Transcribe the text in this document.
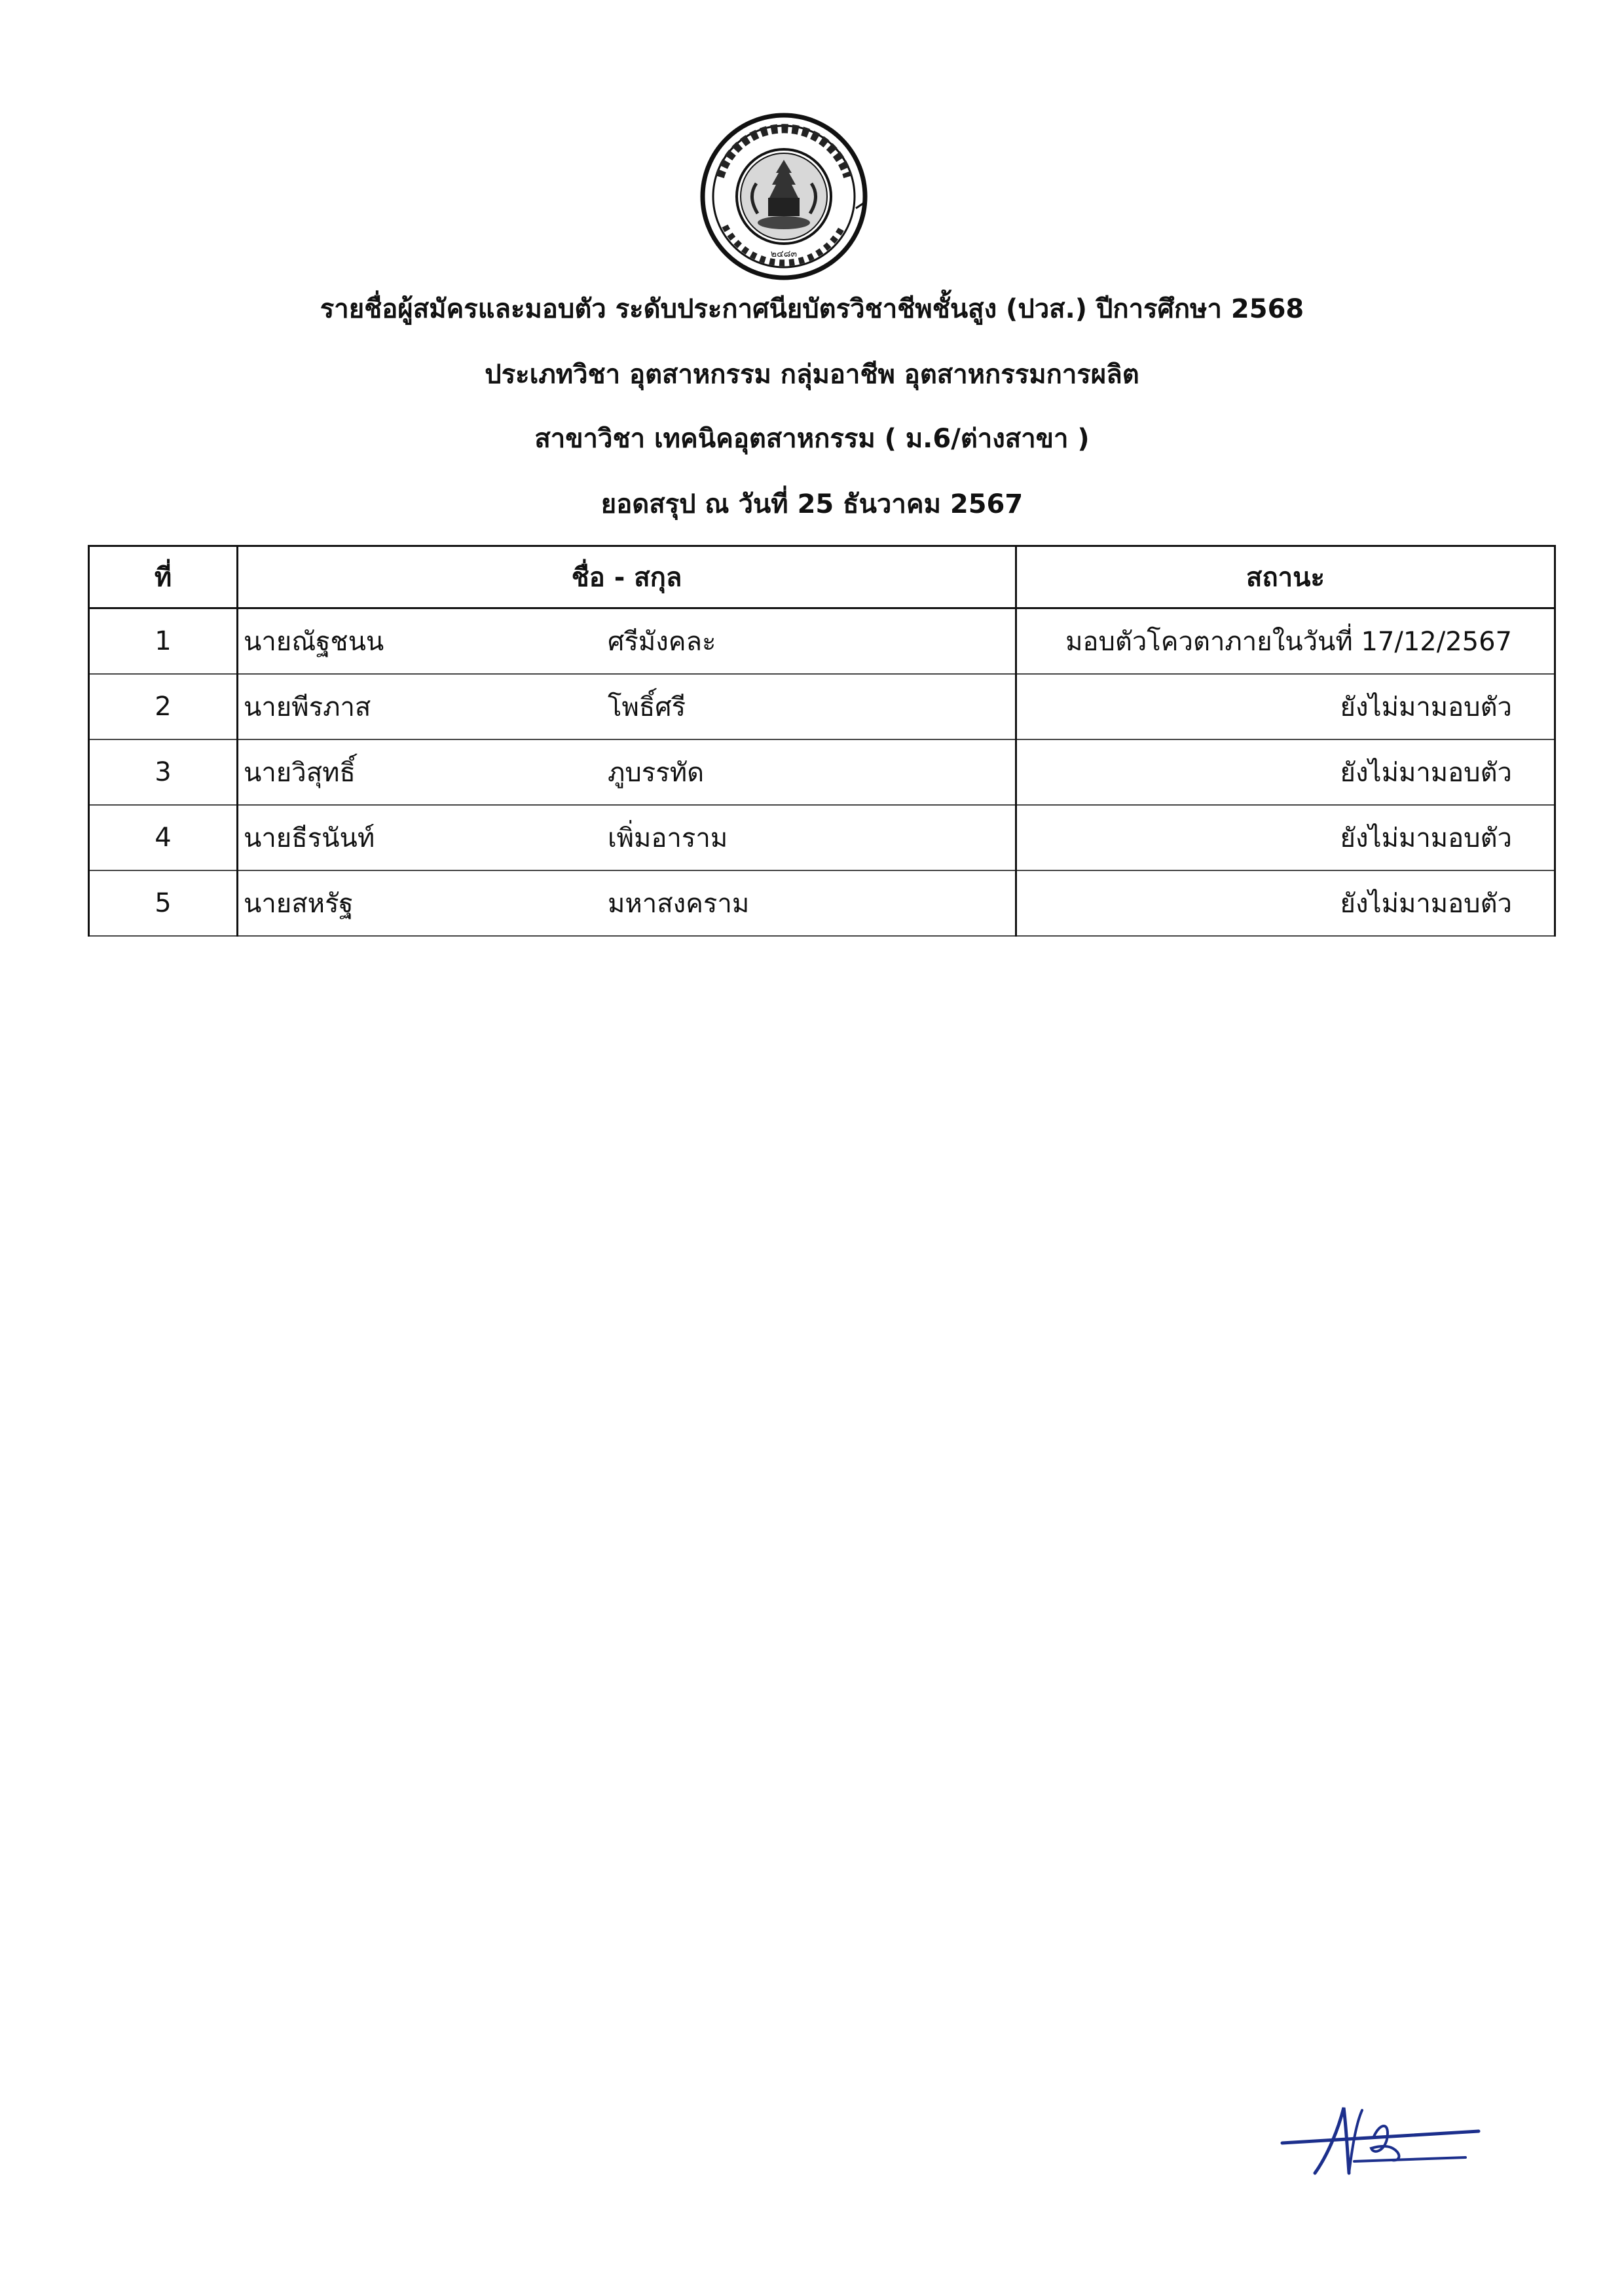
๒๔๘๓
รายชื่อผู้สมัครและมอบตัว ระดับประกาศนียบัตรวิชาชีพชั้นสูง (ปวส.) ปีการศึกษา 2568
ประเภทวิชา อุตสาหกรรม กลุ่มอาชีพ อุตสาหกรรมการผลิต
สาขาวิชา เทคนิคอุตสาหกรรม ( ม.6/ต่างสาขา )
ยอดสรุป ณ วันที่ 25 ธันวาคม 2567
ที่	ชื่อ - สกุล	สถานะ
1	นายณัฐชนน ศรีมังคละ	มอบตัวโควตาภายในวันที่ 17/12/2567
2	นายพีรภาส โพธิ์ศรี	ยังไม่มามอบตัว
3	นายวิสุทธิ์ ภูบรรทัด	ยังไม่มามอบตัว
4	นายธีรนันท์ เพิ่มอาราม	ยังไม่มามอบตัว
5	นายสหรัฐ มหาสงคราม	ยังไม่มามอบตัว
